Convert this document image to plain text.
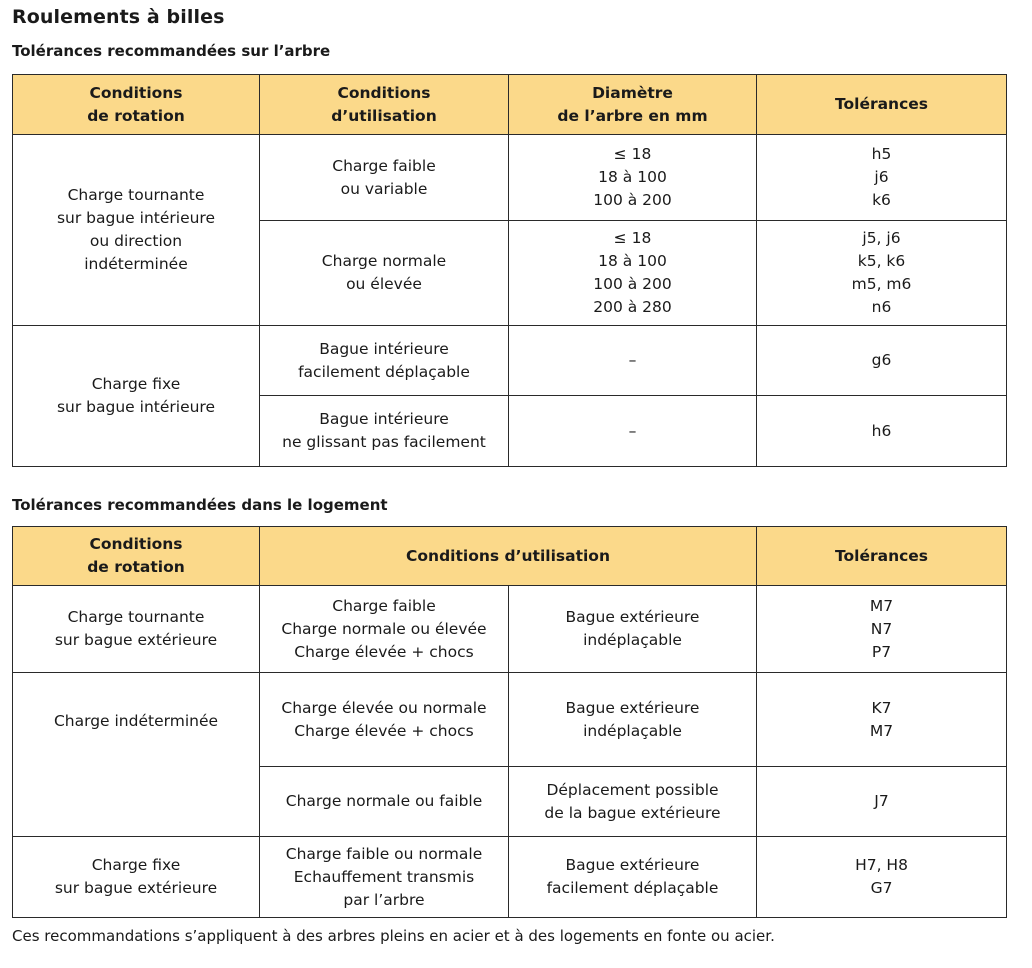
Roulements à billes
Tolérances recommandées sur l’arbre
Conditions
de rotation	Conditions
d’utilisation	Diamètre
de l’arbre en mm	Tolérances

Charge tournante
sur bague intérieure
ou direction
indéterminée	Charge faible
ou variable	≤ 18
18 à 100
100 à 200	h5
j6
k6

	Charge normale
ou élevée	≤ 18
18 à 100
100 à 200
200 à 280	j5, j6
k5, k6
m5, m6
n6

Charge fixe
sur bague intérieure	Bague intérieure
facilement déplaçable	–	g6

	Bague intérieure
ne glissant pas facilement	–	h6
Tolérances recommandées dans le logement
Conditions
de rotation	Conditions d’utilisation		Tolérances

Charge tournante
sur bague extérieure	Charge faible
Charge normale ou élevée
Charge élevée + chocs	Bague extérieure
indéplaçable	M7
N7
P7

Charge indéterminée	Charge élevée ou normale
Charge élevée + chocs	Bague extérieure
indéplaçable	K7
M7

	Charge normale ou faible	Déplacement possible
de la bague extérieure	J7

Charge fixe
sur bague extérieure	Charge faible ou normale
Echauffement transmis
par l’arbre	Bague extérieure
facilement déplaçable	H7, H8
G7
Ces recommandations s’appliquent à des arbres pleins en acier et à des logements en fonte ou acier.
